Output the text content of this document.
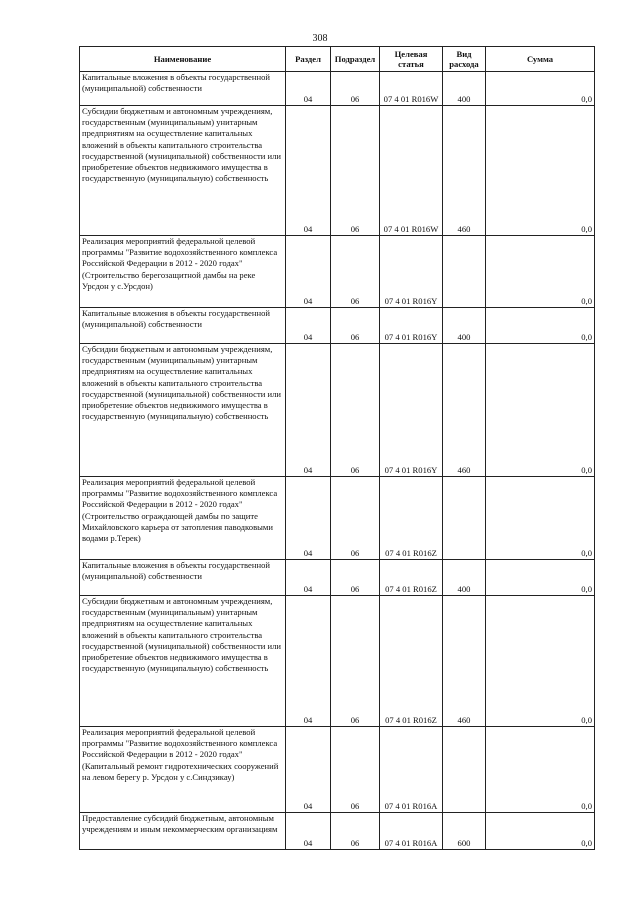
308
Наименование	Раздел	Подраздел	Целевая статья	Вид расхода	Сумма
Капитальные вложения в объекты государственной (муниципальной) собственности	04	06	07 4 01 R016W	400	0,0
Субсидии бюджетным и автономным учреждениям, государственным (муниципальным) унитарным предприятиям на осуществление капитальных вложений в объекты капитального строительства государственной (муниципальной) собственности или приобретение объектов недвижимого имущества в государственную (муниципальную) собственность	04	06	07 4 01 R016W	460	0,0
Реализация мероприятий федеральной целевой программы "Развитие водохозяйственного комплекса Российской Федерации в 2012 - 2020 годах" (Строительство берегозащитной дамбы на реке Урсдон у с.Урсдон)	04	06	07 4 01 R016Y		0,0
Капитальные вложения в объекты государственной (муниципальной) собственности	04	06	07 4 01 R016Y	400	0,0
Субсидии бюджетным и автономным учреждениям, государственным (муниципальным) унитарным предприятиям на осуществление капитальных вложений в объекты капитального строительства государственной (муниципальной) собственности или приобретение объектов недвижимого имущества в государственную (муниципальную) собственность	04	06	07 4 01 R016Y	460	0,0
Реализация мероприятий федеральной целевой программы "Развитие водохозяйственного комплекса Российской Федерации в 2012 - 2020 годах" (Строительство ограждающей дамбы по защите Михайловского карьера от затопления паводковыми водами р.Терек)	04	06	07 4 01 R016Z		0,0
Капитальные вложения в объекты государственной (муниципальной) собственности	04	06	07 4 01 R016Z	400	0,0
Субсидии бюджетным и автономным учреждениям, государственным (муниципальным) унитарным предприятиям на осуществление капитальных вложений в объекты капитального строительства государственной (муниципальной) собственности или приобретение объектов недвижимого имущества в государственную (муниципальную) собственность	04	06	07 4 01 R016Z	460	0,0
Реализация мероприятий федеральной целевой программы "Развитие водохозяйственного комплекса Российской Федерации в 2012 - 2020 годах" (Капитальный ремонт гидротехнических сооружений на левом берегу р. Урсдон у с.Синдзикау)	04	06	07 4 01 R016A		0,0
Предоставление субсидий бюджетным, автономным учреждениям и иным некоммерческим организациям	04	06	07 4 01 R016A	600	0,0
